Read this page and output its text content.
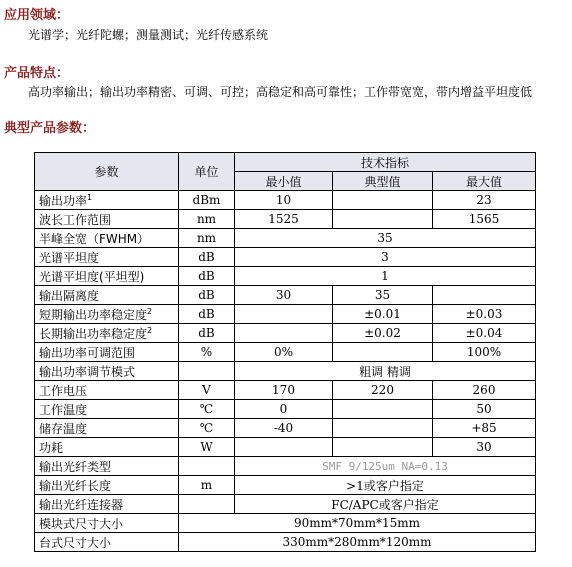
应用领域：

光谱学；光纤陀螺；测量测试；光纤传感系统

产品特点：

高功率输出；输出功率精密、可调、可控；高稳定和高可靠性；工作带宽宽，带内增益平坦度低

典型产品参数：

参数	单位	技术指标		
		最小值	典型值	最大值
输出功率$^1$	dBm	10		23
波长工作范围	nm	1525		1565
半峰全宽（FWHM）	nm	35		
光谱平坦度	dB	3		
光谱平坦度(平坦型)	dB	1		
输出隔离度	dB	30	35	
短期输出功率稳定度$^2$	dB		±0.01	±0.03
长期输出功率稳定度$^2$	dB		±0.02	±0.04
输出功率可调范围	%	0%		100%
输出功率调节模式		粗调 精调		
工作电压	V	170	220	260
工作温度	℃	0		50
储存温度	℃	-40		+85
功耗	W			30
输出光纤类型		SMF 9/125um NA=0.13		
输出光纤长度	m	>1或客户指定		
输出光纤连接器		FC/APC或客户指定		
模块式尺寸大小	90mm*70mm*15mm			
台式尺寸大小	330mm*280mm*120mm			
